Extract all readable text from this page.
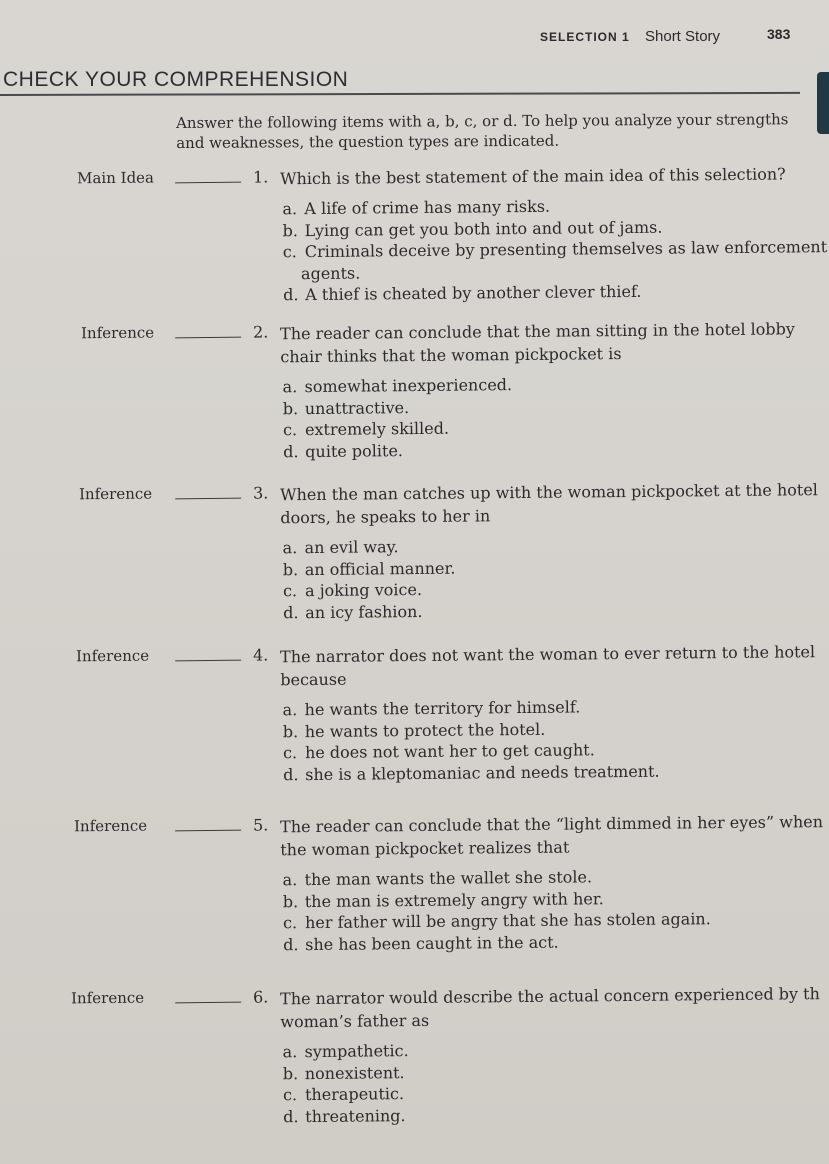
SELECTION 1 Short Story	383
CHECK YOUR COMPREHENSION
Answer the following items with a, b, c, or d. To help you analyze your strengths
and weaknesses, the question types are indicated.
Main Idea	1. Which is the best statement of the main idea of this selection?
a. A life of crime has many risks.
b. Lying can get you both into and out of jams.
c. Criminals deceive by presenting themselves as law enforcement
agents.
d. A thief is cheated by another clever thief.
Inference	2. The reader can conclude that the man sitting in the hotel lobby
chair thinks that the woman pickpocket is
a. somewhat inexperienced.
b. unattractive.
c. extremely skilled.
d. quite polite.
Inference	3. When the man catches up with the woman pickpocket at the hotel
doors, he speaks to her in
a. an evil way.
b. an official manner.
c. a joking voice.
d. an icy fashion.
Inference	4. The narrator does not want the woman to ever return to the hotel
because
a. he wants the territory for himself.
b. he wants to protect the hotel.
c. he does not want her to get caught.
d. she is a kleptomaniac and needs treatment.
Inference	5. The reader can conclude that the “light dimmed in her eyes” when
the woman pickpocket realizes that
a. the man wants the wallet she stole.
b. the man is extremely angry with her.
c. her father will be angry that she has stolen again.
d. she has been caught in the act.
Inference	6. The narrator would describe the actual concern experienced by th
woman’s father as
a. sympathetic.
b. nonexistent.
c. therapeutic.
d. threatening.
